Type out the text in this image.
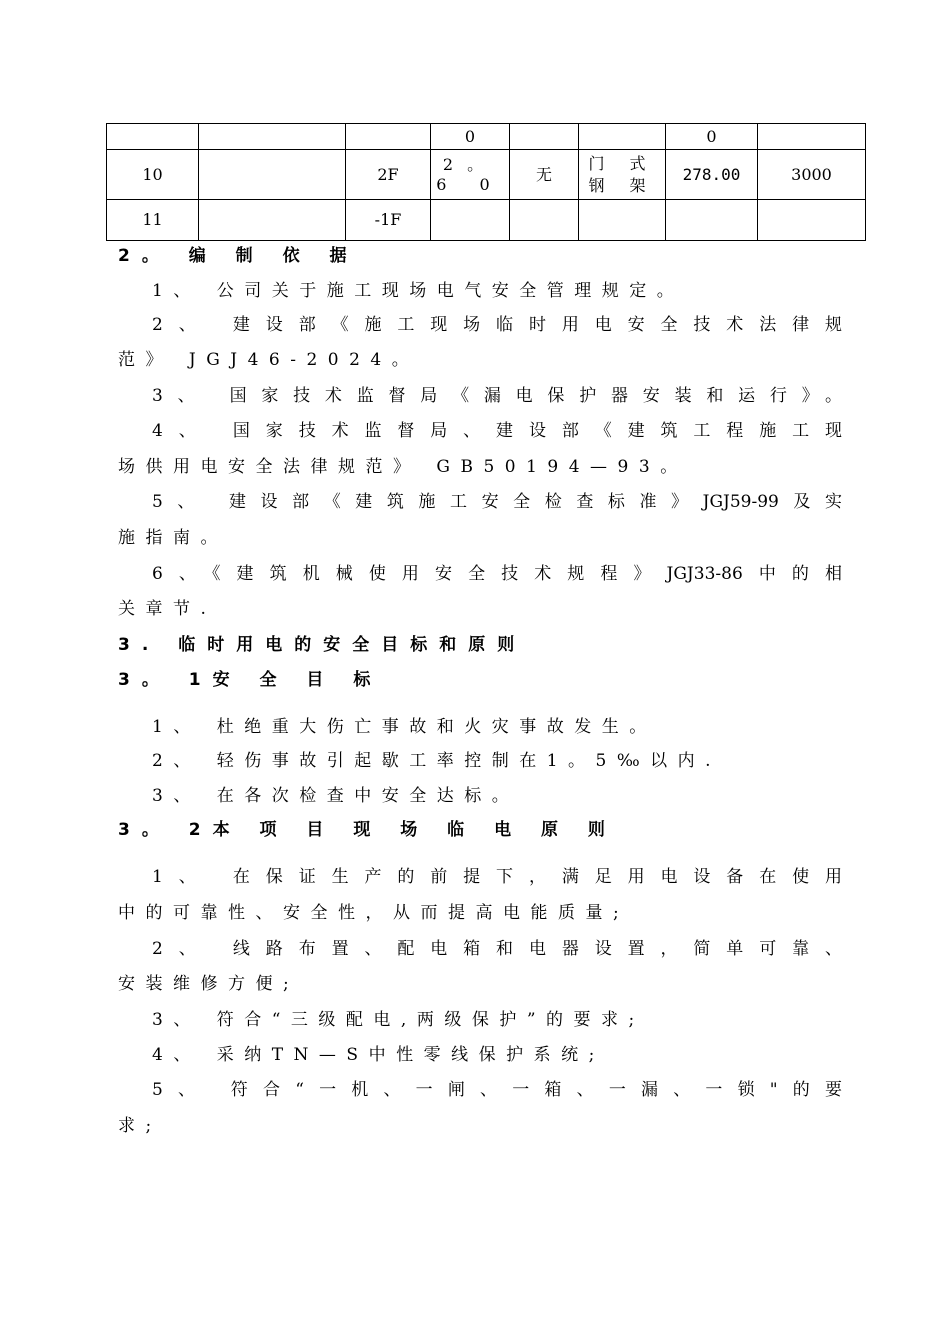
			0			0	
10		2F	2。6 0	无	门 式 钢 架	278.00	3000
11		-1F					
2。 编 制 依 据
1、 公司关于施工现场电气安全管理规定。
2、 建设部《施工现场临时用电安全技术法律规
范》 JGJ46-2024。
3、 国家技术监督局《漏电保护器安装和运行》。
4、 国家技术监督局、建设部《建筑工程施工现
场供用电安全法律规范》 GB50194—93。
5、 建设部《建筑施工安全检查标准》JGJ59-99及实
施指南。
6、《建筑机械使用安全技术规程》JGJ33-86中的相
关章节.
3. 临时用电的安全目标和原则
3。 1安 全 目 标
1、 杜绝重大伤亡事故和火灾事故发生。
2、 轻伤事故引起歇工率控制在1。5‰以内.
3、 在各次检查中安全达标。
3。 2本 项 目 现 场 临 电 原 则
1、 在保证生产的前提下，满足用电设备在使用
中的可靠性、安全性，从而提高电能质量;
2、 线路布置、配电箱和电器设置，简单可靠、
安装维修方便;
3、 符合“三级配电,两级保护”的要求;
4、 采纳TN—S中性零线保护系统;
5、 符合“一机、一闸、一箱、一漏、一锁"的要
求;
